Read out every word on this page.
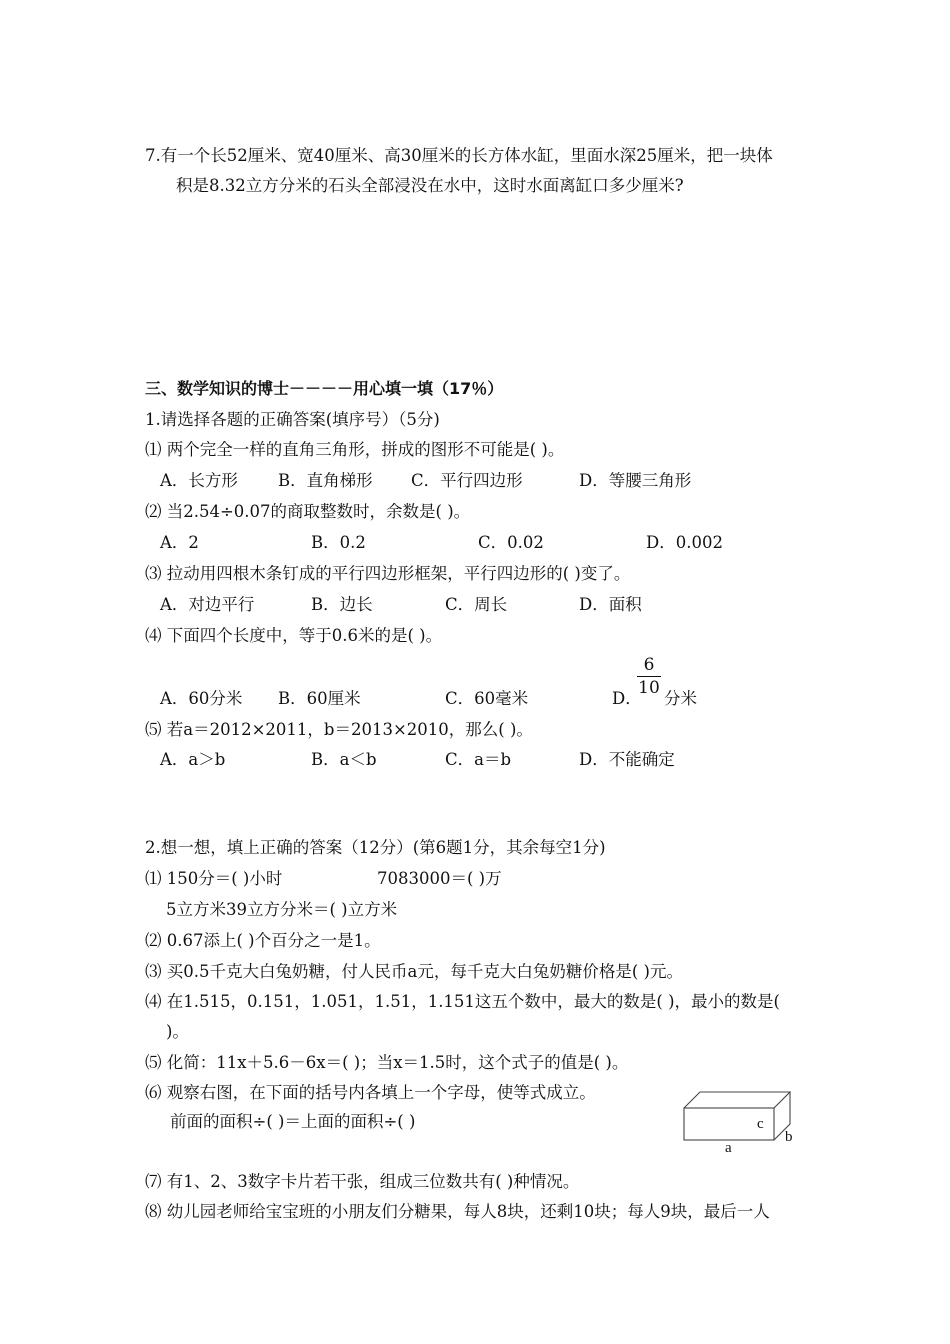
7.有一个长52厘米、宽40厘米、高30厘米的长方体水缸，里面水深25厘米，把一块体
积是8.32立方分米的石头全部浸没在水中，这时水面离缸口多少厘米?
三、数学知识的博士－－－－用心填一填（17％）
1.请选择各题的正确答案(填序号）（5分)
⑴ 两个完全一样的直角三角形，拼成的图形不可能是( )。
A．长方形 B．直角梯形 C．平行四边形	D．等腰三角形
⑵ 当2.54÷0.07的商取整数时，余数是( )。
A．2	B．0.2	C．0.02	D．0.002
⑶ 拉动用四根木条钉成的平行四边形框架，平行四边形的( )变了。
A．对边平行	B．边长	C．周长	D．面积
⑷ 下面四个长度中，等于0.6米的是( )。
A．60分米 B．60厘米	C．60毫米	D．
6
10
分米
⑸ 若a＝2012×2011，b＝2013×2010，那么( )。
A．a＞b	B．a＜b	C．a＝b	D．不能确定
2.想一想，填上正确的答案（12分）(第6题1分，其余每空1分)
⑴ 150分＝( )小时	7083000＝( )万
5立方米39立方分米＝( )立方米
⑵ 0.67添上( )个百分之一是1。
⑶ 买0.5千克大白兔奶糖，付人民币a元，每千克大白兔奶糖价格是( )元。
⑷ 在1.515，0.151，1.051，1.51，1.151这五个数中，最大的数是( )，最小的数是(
)。
⑸ 化简：11x＋5.6－6x＝( )；当x＝1.5时，这个式子的值是( )。
⑹ 观察右图，在下面的括号内各填上一个字母，使等式成立。
前面的面积÷( )＝上面的面积÷( )	c
b
a
⑺ 有1、2、3数字卡片若干张，组成三位数共有( )种情况。
⑻ 幼儿园老师给宝宝班的小朋友们分糖果，每人8块，还剩10块；每人9块，最后一人
